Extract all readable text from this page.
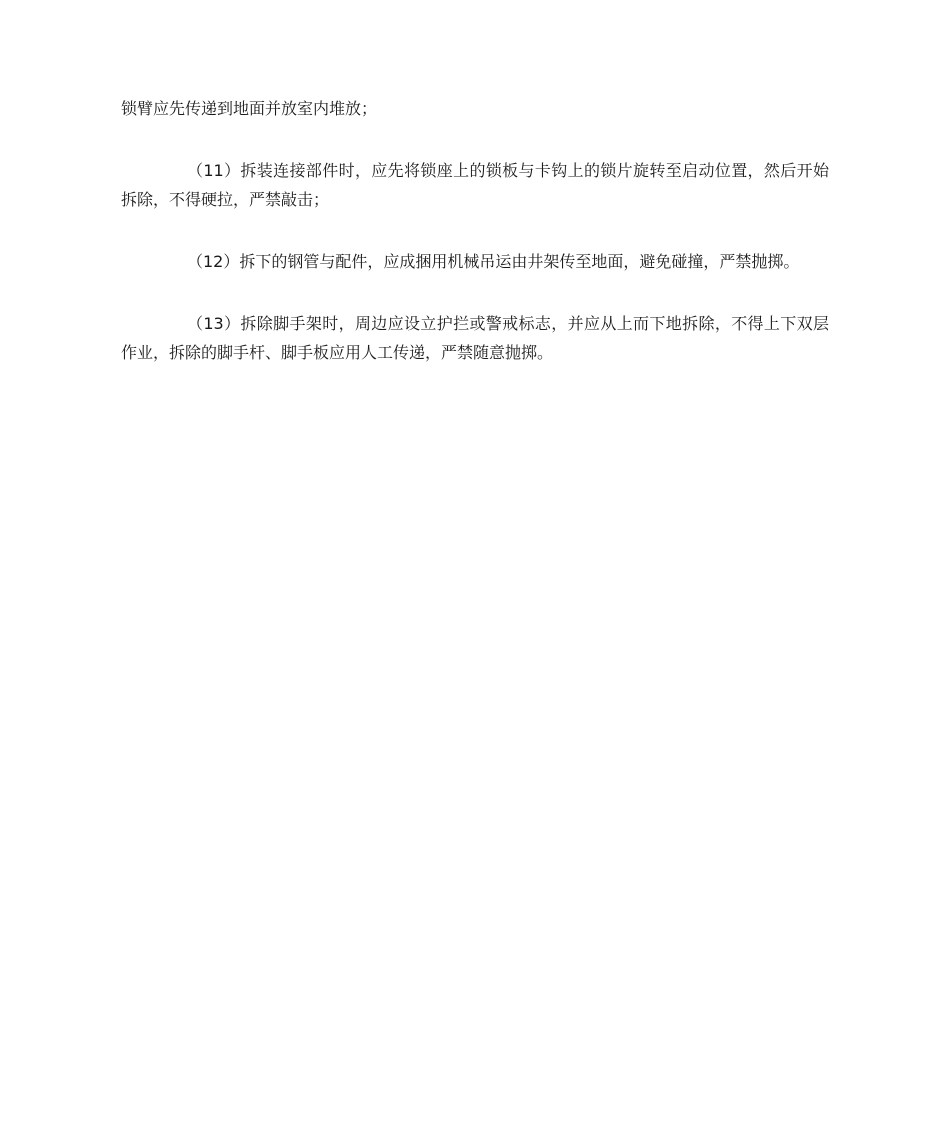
锁臂应先传递到地面并放室内堆放；

（11）拆装连接部件时，应先将锁座上的锁板与卡钩上的锁片旋转至启动位置，然后开始拆除，不得硬拉，严禁敲击；

（12）拆下的钢管与配件，应成捆用机械吊运由井架传至地面，避免碰撞，严禁抛掷。

（13）拆除脚手架时，周边应设立护拦或警戒标志，并应从上而下地拆除，不得上下双层作业，拆除的脚手杆、脚手板应用人工传递，严禁随意抛掷。
